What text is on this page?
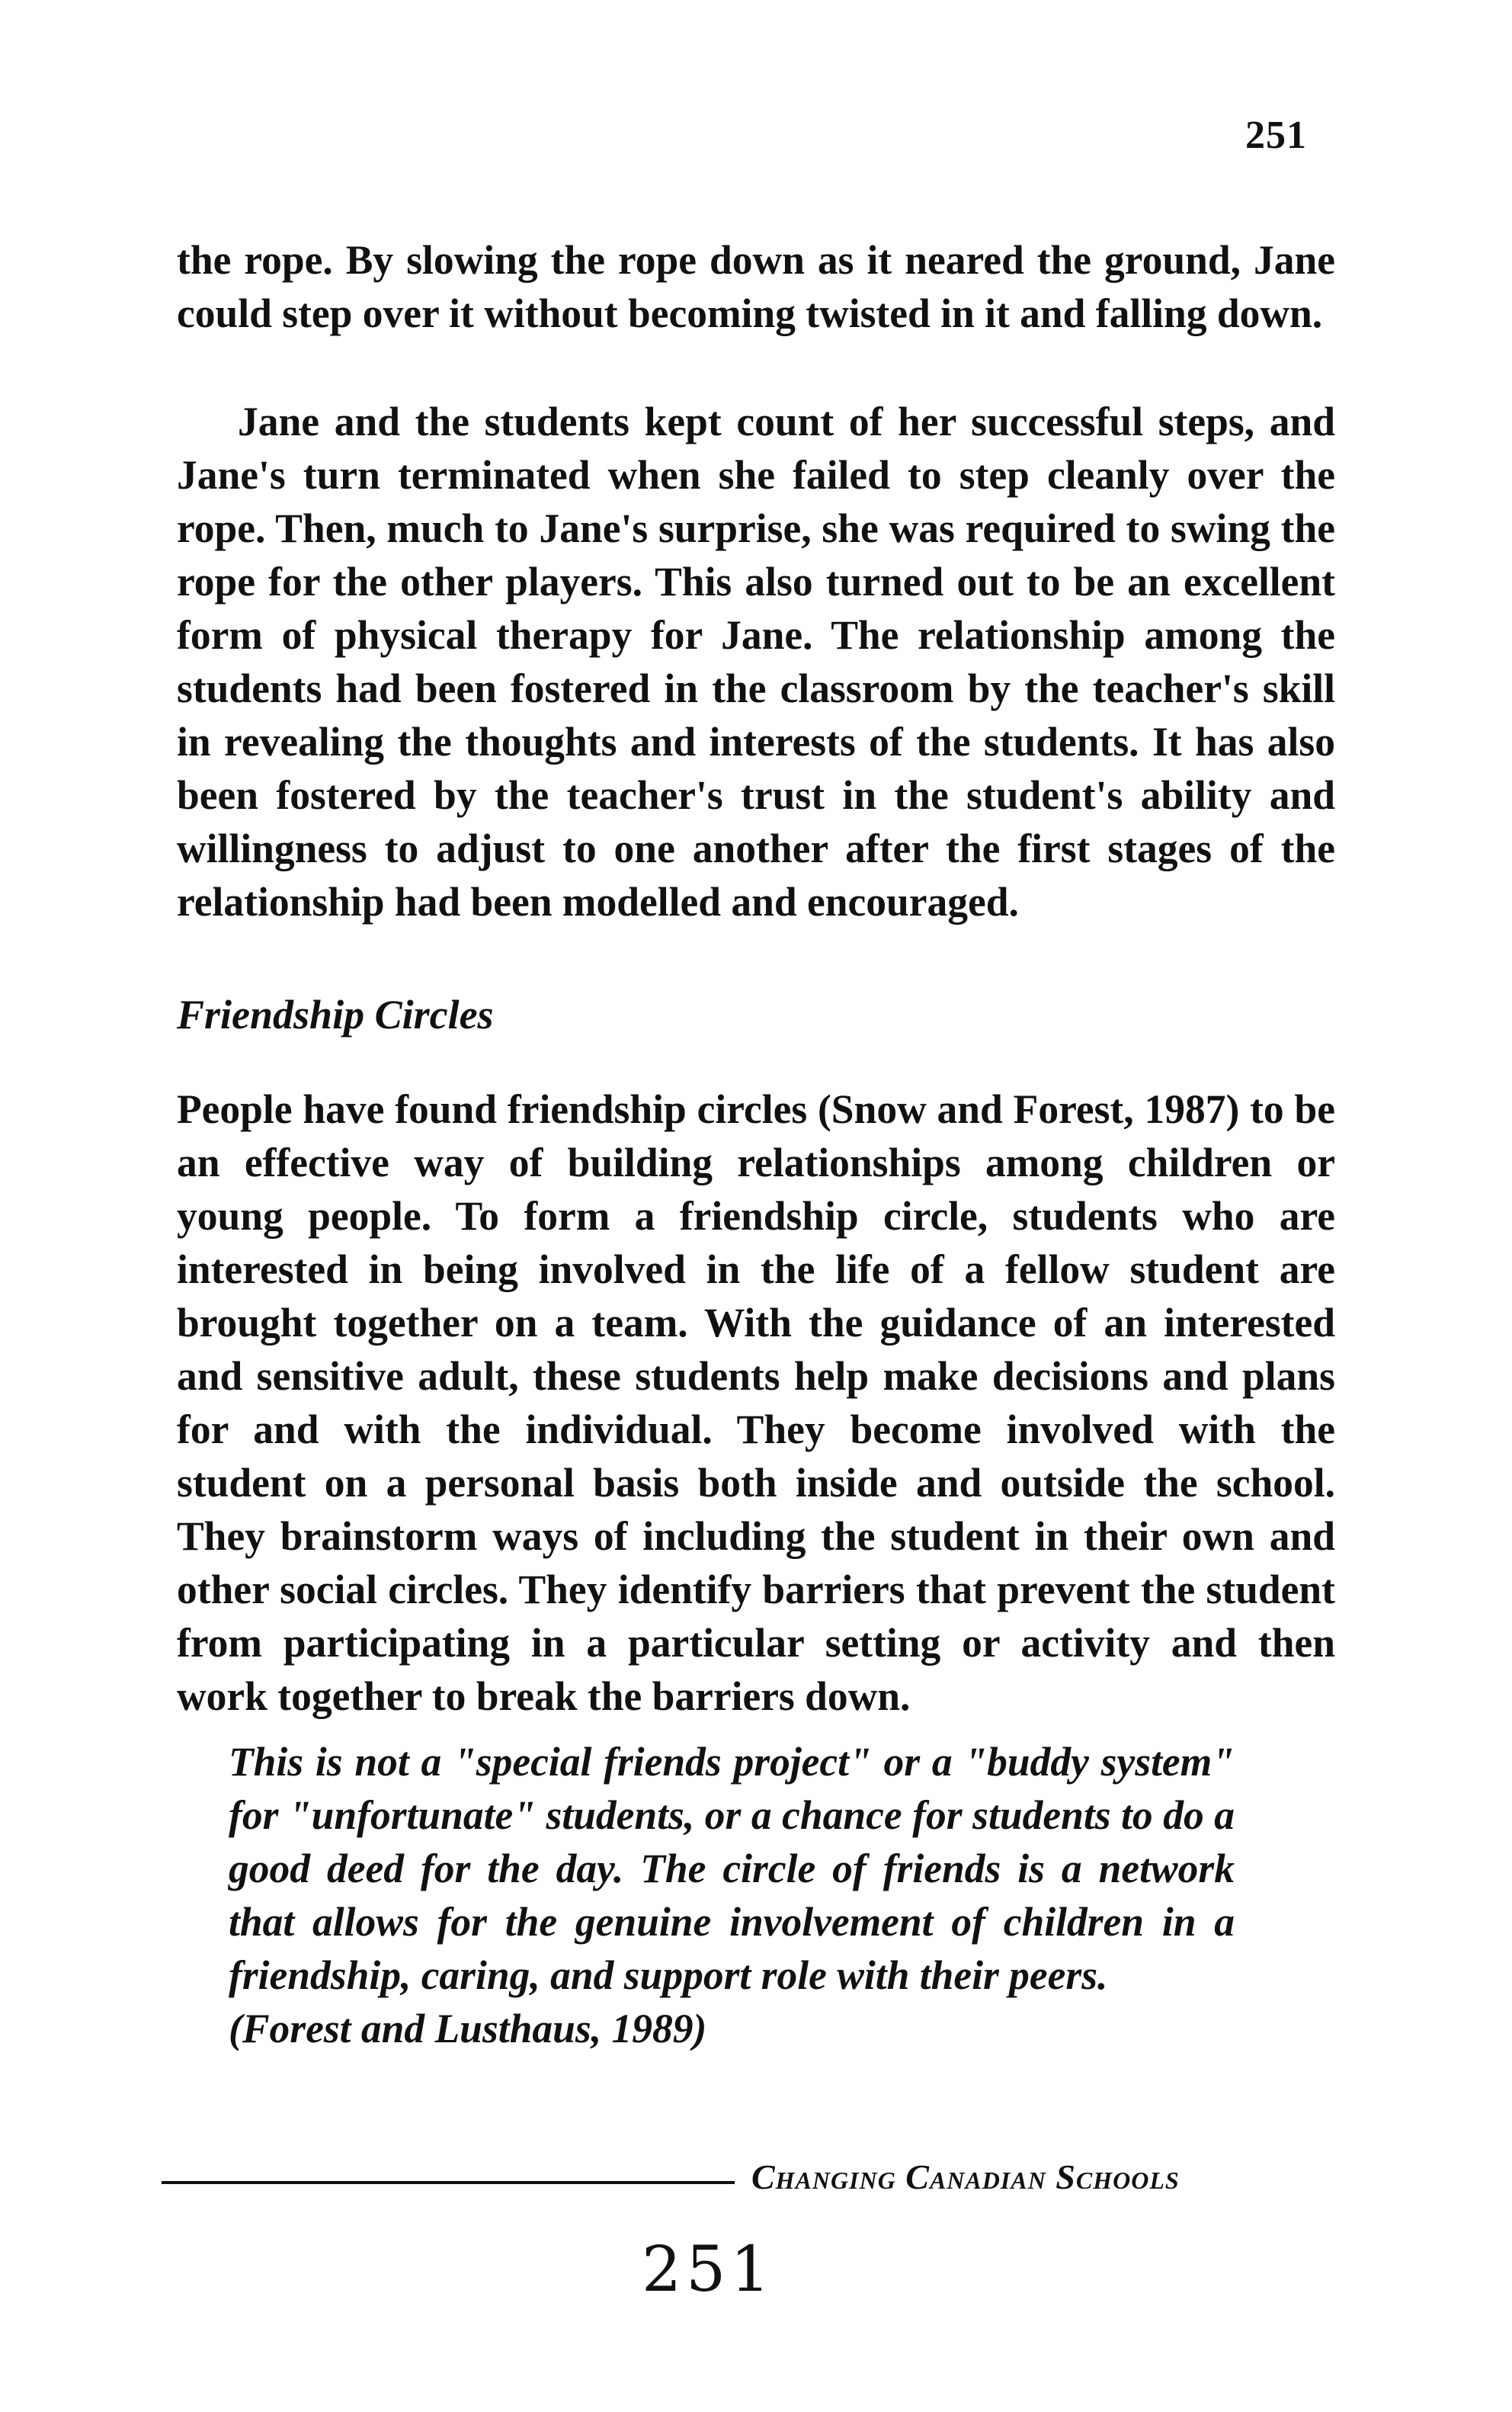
251

the rope. By slowing the rope down as it neared the ground, Jane could step over it without becoming twisted in it and falling down.

Jane and the students kept count of her successful steps, and Jane's turn terminated when she failed to step cleanly over the rope. Then, much to Jane's surprise, she was required to swing the rope for the other players. This also turned out to be an excellent form of physical therapy for Jane. The relationship among the students had been fostered in the classroom by the teacher's skill in revealing the thoughts and interests of the students. It has also been fostered by the teacher's trust in the student's ability and willingness to adjust to one another after the first stages of the relationship had been modelled and encouraged.

Friendship Circles

People have found friendship circles (Snow and Forest, 1987) to be an effective way of building relationships among children or young people. To form a friendship circle, students who are interested in being involved in the life of a fellow student are brought together on a team. With the guidance of an interested and sensitive adult, these students help make decisions and plans for and with the individual. They become involved with the student on a personal basis both inside and outside the school. They brainstorm ways of including the student in their own and other social circles. They identify barriers that prevent the student from participating in a particular setting or activity and then work together to break the barriers down.

This is not a "special friends project" or a "buddy system" for "unfortunate" students, or a chance for students to do a good deed for the day. The circle of friends is a network that allows for the genuine involvement of children in a friendship, caring, and support role with their peers.
(Forest and Lusthaus, 1989)
Changing Canadian Schools
251
